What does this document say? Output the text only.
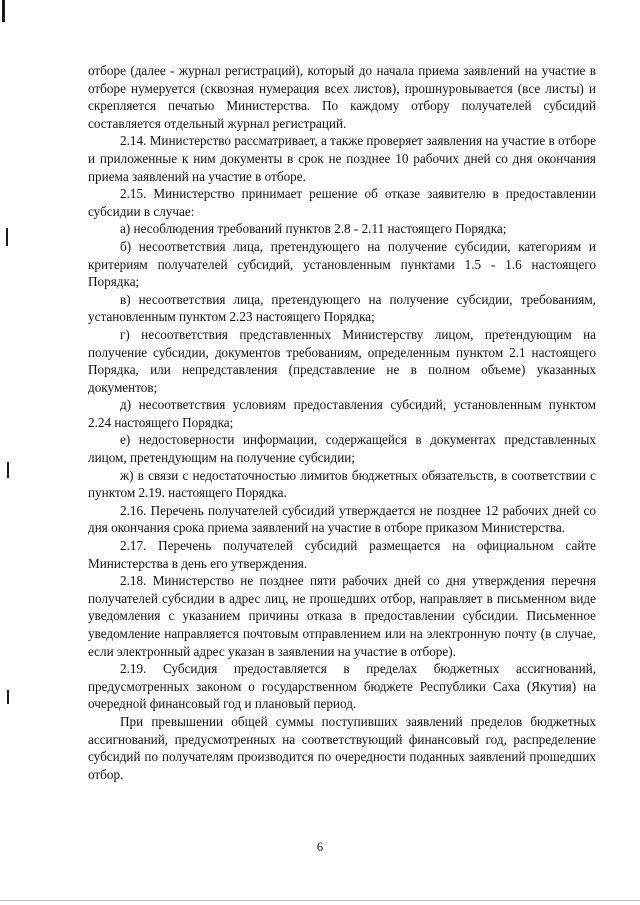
отборе (далее - журнал регистраций), который до начала приема заявлений на участие в отборе нумеруется (сквозная нумерация всех листов), прошнуровывается (все листы) и скрепляется печатью Министерства. По каждому отбору получателей субсидий составляется отдельный журнал регистраций.

2.14. Министерство рассматривает, а также проверяет заявления на участие в отборе и приложенные к ним документы в срок не позднее 10 рабочих дней со дня окончания приема заявлений на участие в отборе.

2.15. Министерство принимает решение об отказе заявителю в предоставлении субсидии в случае:

а) несоблюдения требований пунктов 2.8 - 2.11 настоящего Порядка;

б) несоответствия лица, претендующего на получение субсидии, категориям и критериям получателей субсидий, установленным пунктами 1.5 - 1.6 настоящего Порядка;

в) несоответствия лица, претендующего на получение субсидии, требованиям, установленным пунктом 2.23 настоящего Порядка;

г) несоответствия представленных Министерству лицом, претендующим на получение субсидии, документов требованиям, определенным пунктом 2.1 настоящего Порядка, или непредставления (представление не в полном объеме) указанных документов;

д) несоответствия условиям предоставления субсидий, установленным пунктом 2.24 настоящего Порядка;

е) недостоверности информации, содержащейся в документах представленных лицом, претендующим на получение субсидии;

ж) в связи с недостаточностью лимитов бюджетных обязательств, в соответствии с пунктом 2.19. настоящего Порядка.

2.16. Перечень получателей субсидий утверждается не позднее 12 рабочих дней со дня окончания срока приема заявлений на участие в отборе приказом Министерства.

2.17. Перечень получателей субсидий размещается на официальном сайте Министерства в день его утверждения.

2.18. Министерство не позднее пяти рабочих дней со дня утверждения перечня получателей субсидии в адрес лиц, не прошедших отбор, направляет в письменном виде уведомления с указанием причины отказа в предоставлении субсидии. Письменное уведомление направляется почтовым отправлением или на электронную почту (в случае, если электронный адрес указан в заявлении на участие в отборе).

2.19. Субсидия предоставляется в пределах бюджетных ассигнований, предусмотренных законом о государственном бюджете Республики Саха (Якутия) на очередной финансовый год и плановый период.

При превышении общей суммы поступивших заявлений пределов бюджетных ассигнований, предусмотренных на соответствующий финансовый год, распределение субсидий по получателям производится по очередности поданных заявлений прошедших отбор.

6
